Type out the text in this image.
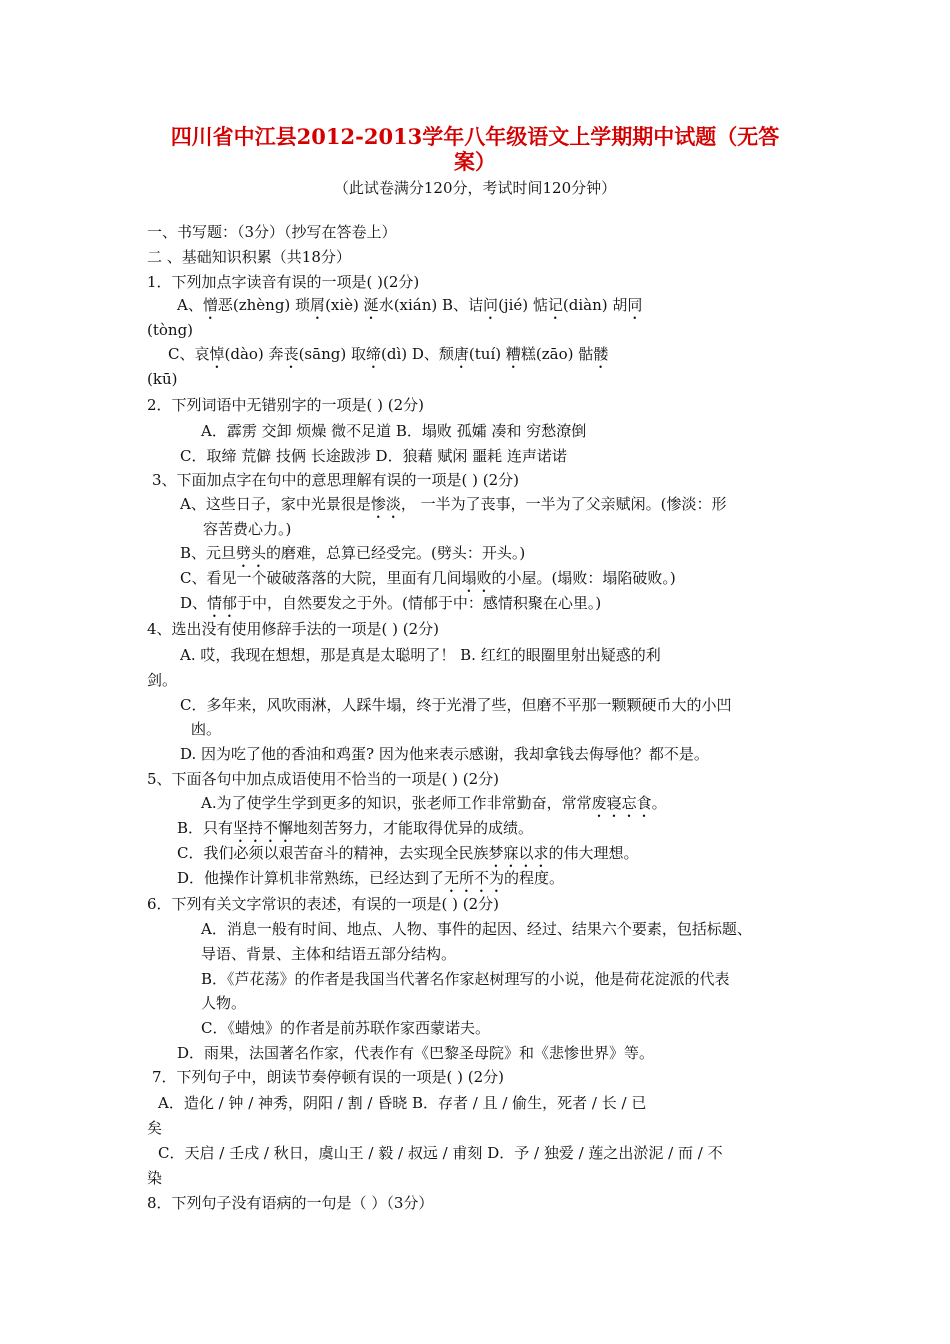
四川省中江县2012-2013学年八年级语文上学期期中试题（无答
案）
（此试卷满分120分，考试时间120分钟）
一、书写题：（3分）（抄写在答卷上）
二 、基础知识积累（共18分）
1．下列加点字读音有误的一项是( )(2分)
A、憎恶(zhèng) 琐屑(xiè) 涎水(xián) B、诘问(jié) 惦记(diàn) 胡同
(tòng)
C、哀悼(dào) 奔丧(sāng) 取缔(dì) D、颓唐(tuí) 糟糕(zāo) 骷髅
(kū)
2．下列词语中无错别字的一项是( ) (2分)
A．霹雳 交卸 烦燥 微不足道 B．塌败 孤孀 凑和 穷愁潦倒
C．取缔 荒僻 技俩 长途跋涉 D．狼藉 赋闲 噩耗 连声诺诺
3、下面加点字在句中的意思理解有误的一项是( ) (2分)
A、这些日子，家中光景很是惨淡， 一半为了丧事，一半为了父亲赋闲。(惨淡：形
容苦费心力。)
B、元旦劈头的磨难，总算已经受完。(劈头：开头。)
C、看见一个破破落落的大院，里面有几间塌败的小屋。(塌败：塌陷破败。)
D、情郁于中，自然要发之于外。(情郁于中：感情积聚在心里。)
4、选出没有使用修辞手法的一项是( ) (2分)
A. 哎，我现在想想，那是真是太聪明了！ B. 红红的眼圈里射出疑惑的利
剑。
C．多年来，风吹雨淋，人踩牛塌，终于光滑了些，但磨不平那一颗颗硬币大的小凹
凼。
D. 因为吃了他的香油和鸡蛋? 因为他来表示感谢，我却拿钱去侮辱他？都不是。
5、下面各句中加点成语使用不恰当的一项是( ) (2分)
A.为了使学生学到更多的知识，张老师工作非常勤奋，常常废寝忘食。
B．只有坚持不懈地刻苦努力，才能取得优异的成绩。
C．我们必须以艰苦奋斗的精神，去实现全民族梦寐以求的伟大理想。
D．他操作计算机非常熟练，已经达到了无所不为的程度。
6．下列有关文字常识的表述，有误的一项是( ) (2分)
A．消息一般有时间、地点、人物、事件的起因、经过、结果六个要素，包括标题、
导语、背景、主体和结语五部分结构。
B．《芦花荡》的作者是我国当代著名作家赵树理写的小说，他是荷花淀派的代表
人物。
C．《蜡烛》的作者是前苏联作家西蒙诺夫。
D．雨果，法国著名作家，代表作有《巴黎圣母院》和《悲惨世界》等。
7．下列句子中，朗读节奏停顿有误的一项是( ) (2分)
A．造化 / 钟 / 神秀，阴阳 / 割 / 昏晓 B．存者 / 且 / 偷生，死者 / 长 / 已
矣
C．天启 / 壬戌 / 秋日，虞山王 / 毅 / 叔远 / 甫刻 D．予 / 独爱 / 莲之出淤泥 / 而 / 不
染
8．下列句子没有语病的一句是（ ）（3分）
